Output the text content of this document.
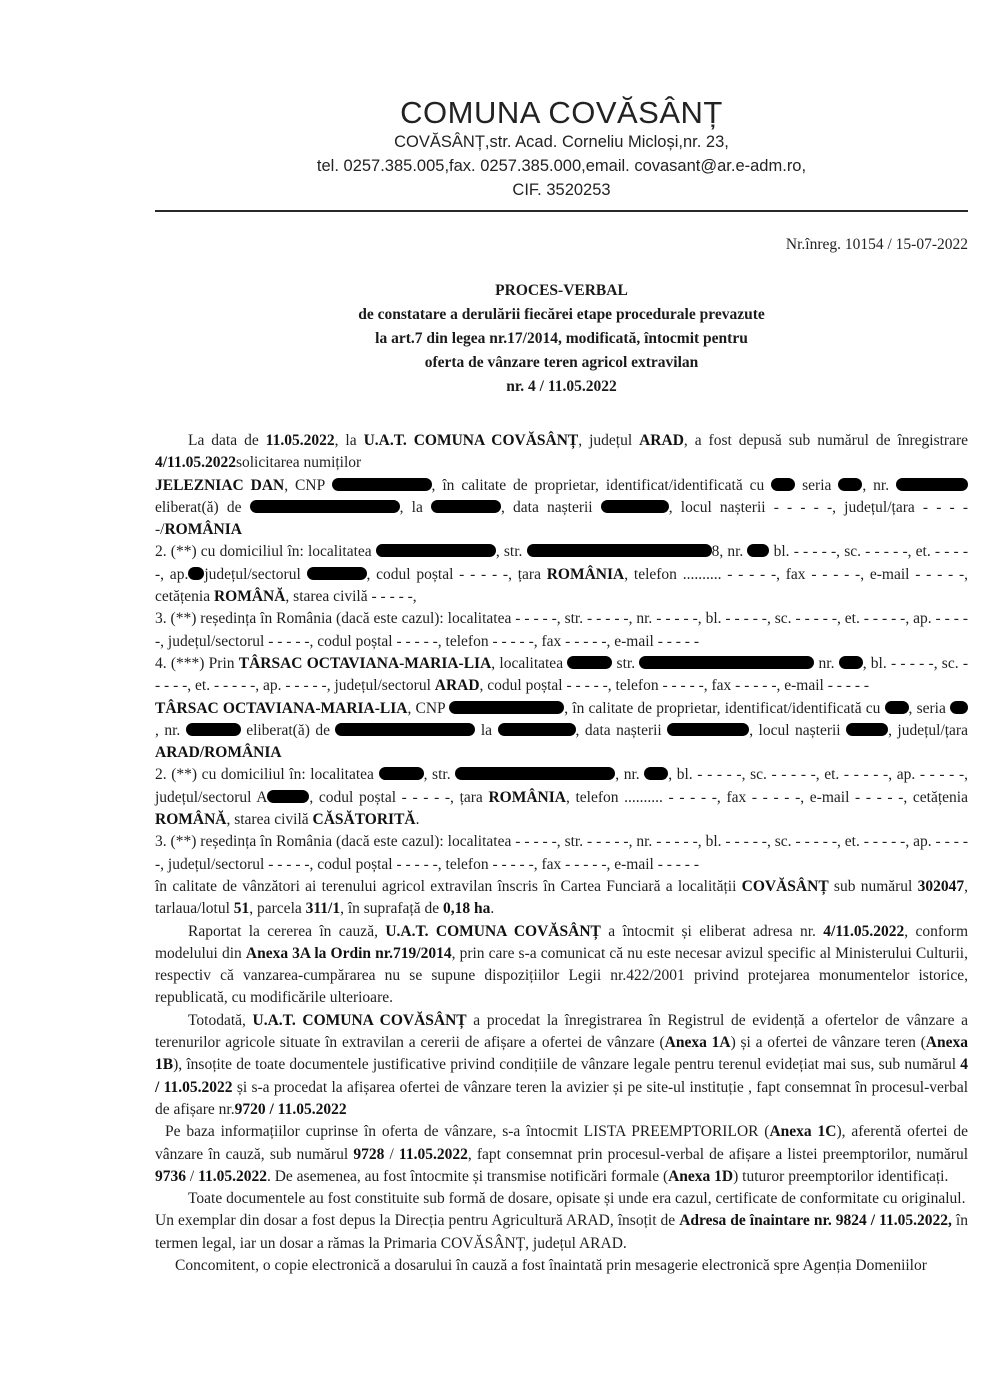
COMUNA COVĂSÂNȚ
COVĂSÂNȚ,str. Acad. Corneliu Micloși,nr. 23,
tel. 0257.385.005,fax. 0257.385.000,email. covasant@ar.e-adm.ro,
CIF. 3520253
Nr.înreg. 10154 / 15-07-2022
PROCES-VERBAL
de constatare a derulării fiecărei etape procedurale prevazute
la art.7 din legea nr.17/2014, modificată, întocmit pentru
oferta de vânzare teren agricol extravilan
nr. 4 / 11.05.2022

La data de 11.05.2022, la U.A.T. COMUNA COVĂSÂNȚ, județul ARAD, a fost depusă sub numărul de înregistrare 4/11.05.2022solicitarea numiților

JELEZNIAC DAN, CNP	, în calitate de proprietar, identificat/identificată cu  seria , nr.  eliberat(ă) de	, la	, data nașterii	, locul nașterii - - - - -, județul/țara - - - - -/ROMÂNIA

2. (**) cu domiciliul în: localitatea	, str.	8, nr.  bl. - - - - -, sc. - - - - -, et. - - - - -, ap. județul/sectorul	, codul poștal - - - - -, țara ROMÂNIA, telefon .......... - - - - -, fax - - - - -, e-mail - - - - -, cetățenia ROMÂNĂ, starea civilă - - - - -,

3. (**) reședința în România (dacă este cazul): localitatea - - - - -, str. - - - - -, nr. - - - - -, bl. - - - - -, sc. - - - - -, et. - - - - -, ap. - - - - -, județul/sectorul - - - - -, codul poștal - - - - -, telefon - - - - -, fax - - - - -, e-mail - - - - -

4. (***) Prin TÂRSAC OCTAVIANA-MARIA-LIA, localitatea	str.	nr. , bl. - - - - -, sc. - - - - -, et. - - - - -, ap. - - - - -, județul/sectorul ARAD, codul poștal - - - - -, telefon - - - - -, fax - - - - -, e-mail - - - - -

TÂRSAC OCTAVIANA-MARIA-LIA, CNP	, în calitate de proprietar, identificat/identificată cu , seria , nr.	eliberat(ă) de	la	, data nașterii	, locul nașterii	, județul/țara ARAD/ROMÂNIA

2. (**) cu domiciliul în: localitatea	, str.	, nr. , bl. - - - - -, sc. - - - - -, et. - - - - -, ap. - - - - -, județul/sectorul A	, codul poștal - - - - -, țara ROMÂNIA, telefon .......... - - - - -, fax - - - - -, e-mail - - - - -, cetățenia ROMÂNĂ, starea civilă CĂSĂTORITĂ.

3. (**) reședința în România (dacă este cazul): localitatea - - - - -, str. - - - - -, nr. - - - - -, bl. - - - - -, sc. - - - - -, et. - - - - -, ap. - - - - -, județul/sectorul - - - - -, codul poștal - - - - -, telefon - - - - -, fax - - - - -, e-mail - - - - -

în calitate de vânzători ai terenului agricol extravilan înscris în Cartea Funciară a localității COVĂSÂNȚ sub numărul 302047, tarlaua/lotul 51, parcela 311/1, în suprafață de 0,18 ha.

Raportat la cererea în cauză, U.A.T. COMUNA COVĂSÂNȚ a întocmit și eliberat adresa nr. 4/11.05.2022, conform modelului din Anexa 3A la Ordin nr.719/2014, prin care s-a comunicat că nu este necesar avizul specific al Ministerului Culturii, respectiv că vanzarea-cumpărarea nu se supune dispozițiilor Legii nr.422/2001 privind protejarea monumentelor istorice, republicată, cu modificările ulterioare.

Totodată, U.A.T. COMUNA COVĂSÂNȚ a procedat la înregistrarea în Registrul de evidență a ofertelor de vânzare a terenurilor agricole situate în extravilan a cererii de afișare a ofertei de vânzare (Anexa 1A) și a ofertei de vânzare teren (Anexa 1B), însoțite de toate documentele justificative privind condițiile de vânzare legale pentru terenul evidețiat mai sus, sub numărul 4 / 11.05.2022 și s-a procedat la afișarea ofertei de vânzare teren la avizier și pe site-ul instituție , fapt consemnat în procesul-verbal de afișare nr.9720 / 11.05.2022

Pe baza informațiilor cuprinse în oferta de vânzare, s-a întocmit LISTA PREEMPTORILOR (Anexa 1C), aferentă ofertei de vânzare în cauză, sub numărul 9728 / 11.05.2022, fapt consemnat prin procesul-verbal de afișare a listei preemptorilor, numărul 9736 / 11.05.2022. De asemenea, au fost întocmite și transmise notificări formale (Anexa 1D) tuturor preemptorilor identificați.

Toate documentele au fost constituite sub formă de dosare, opisate și unde era cazul, certificate de conformitate cu originalul.

Un exemplar din dosar a fost depus la Direcția pentru Agricultură ARAD, însoțit de Adresa de înaintare nr. 9824 / 11.05.2022, în termen legal, iar un dosar a rămas la Primaria COVĂSÂNȚ, județul ARAD.

Concomitent, o copie electronică a dosarului în cauză a fost înaintată prin mesagerie electronică spre Agenția Domeniilor
